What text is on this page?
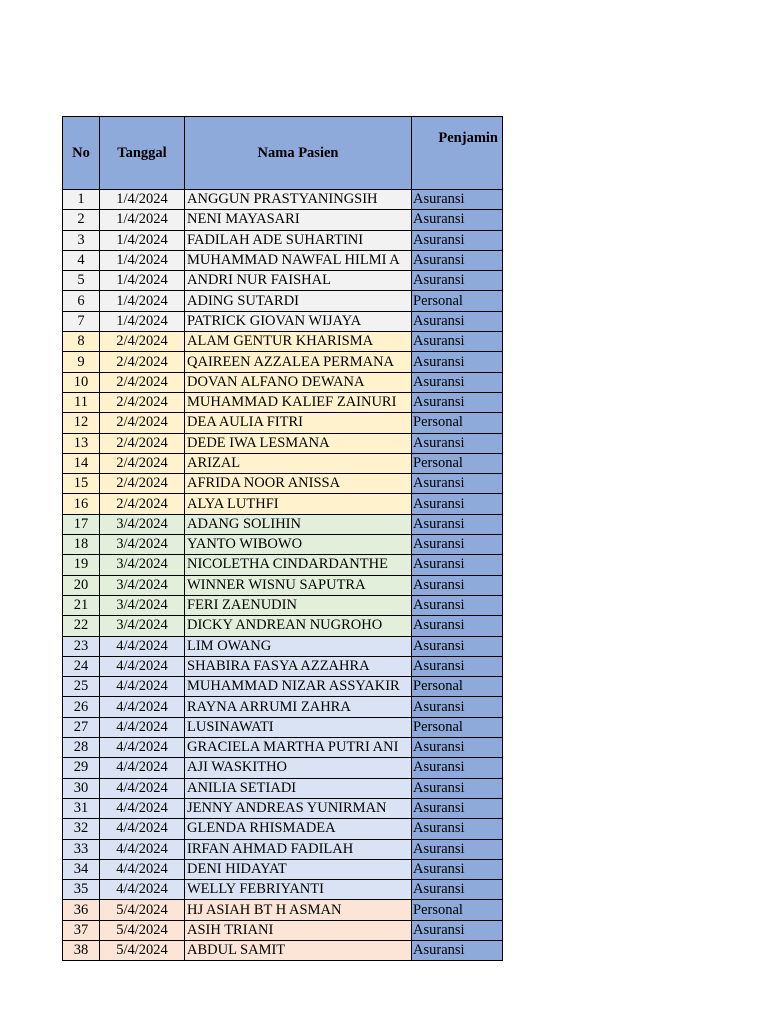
No	Tanggal	Nama Pasien	Penjamin
1	1/4/2024	ANGGUN PRASTYANINGSIH	Asuransi
2	1/4/2024	NENI MAYASARI	Asuransi
3	1/4/2024	FADILAH ADE SUHARTINI	Asuransi
4	1/4/2024	MUHAMMAD NAWFAL HILMI A	Asuransi
5	1/4/2024	ANDRI NUR FAISHAL	Asuransi
6	1/4/2024	ADING SUTARDI	Personal
7	1/4/2024	PATRICK GIOVAN WIJAYA	Asuransi
8	2/4/2024	ALAM GENTUR KHARISMA	Asuransi
9	2/4/2024	QAIREEN AZZALEA PERMANA	Asuransi
10	2/4/2024	DOVAN ALFANO DEWANA	Asuransi
11	2/4/2024	MUHAMMAD KALIEF ZAINURI	Asuransi
12	2/4/2024	DEA AULIA FITRI	Personal
13	2/4/2024	DEDE IWA LESMANA	Asuransi
14	2/4/2024	ARIZAL	Personal
15	2/4/2024	AFRIDA NOOR ANISSA	Asuransi
16	2/4/2024	ALYA LUTHFI	Asuransi
17	3/4/2024	ADANG SOLIHIN	Asuransi
18	3/4/2024	YANTO WIBOWO	Asuransi
19	3/4/2024	NICOLETHA CINDARDANTHE	Asuransi
20	3/4/2024	WINNER WISNU SAPUTRA	Asuransi
21	3/4/2024	FERI ZAENUDIN	Asuransi
22	3/4/2024	DICKY ANDREAN NUGROHO	Asuransi
23	4/4/2024	LIM OWANG	Asuransi
24	4/4/2024	SHABIRA FASYA AZZAHRA	Asuransi
25	4/4/2024	MUHAMMAD NIZAR ASSYAKIR	Personal
26	4/4/2024	RAYNA ARRUMI ZAHRA	Asuransi
27	4/4/2024	LUSINAWATI	Personal
28	4/4/2024	GRACIELA MARTHA PUTRI ANI	Asuransi
29	4/4/2024	AJI WASKITHO	Asuransi
30	4/4/2024	ANILIA SETIADI	Asuransi
31	4/4/2024	JENNY ANDREAS YUNIRMAN	Asuransi
32	4/4/2024	GLENDA RHISMADEA	Asuransi
33	4/4/2024	IRFAN AHMAD FADILAH	Asuransi
34	4/4/2024	DENI HIDAYAT	Asuransi
35	4/4/2024	WELLY FEBRIYANTI	Asuransi
36	5/4/2024	HJ ASIAH BT H ASMAN	Personal
37	5/4/2024	ASIH TRIANI	Asuransi
38	5/4/2024	ABDUL SAMIT	Asuransi
